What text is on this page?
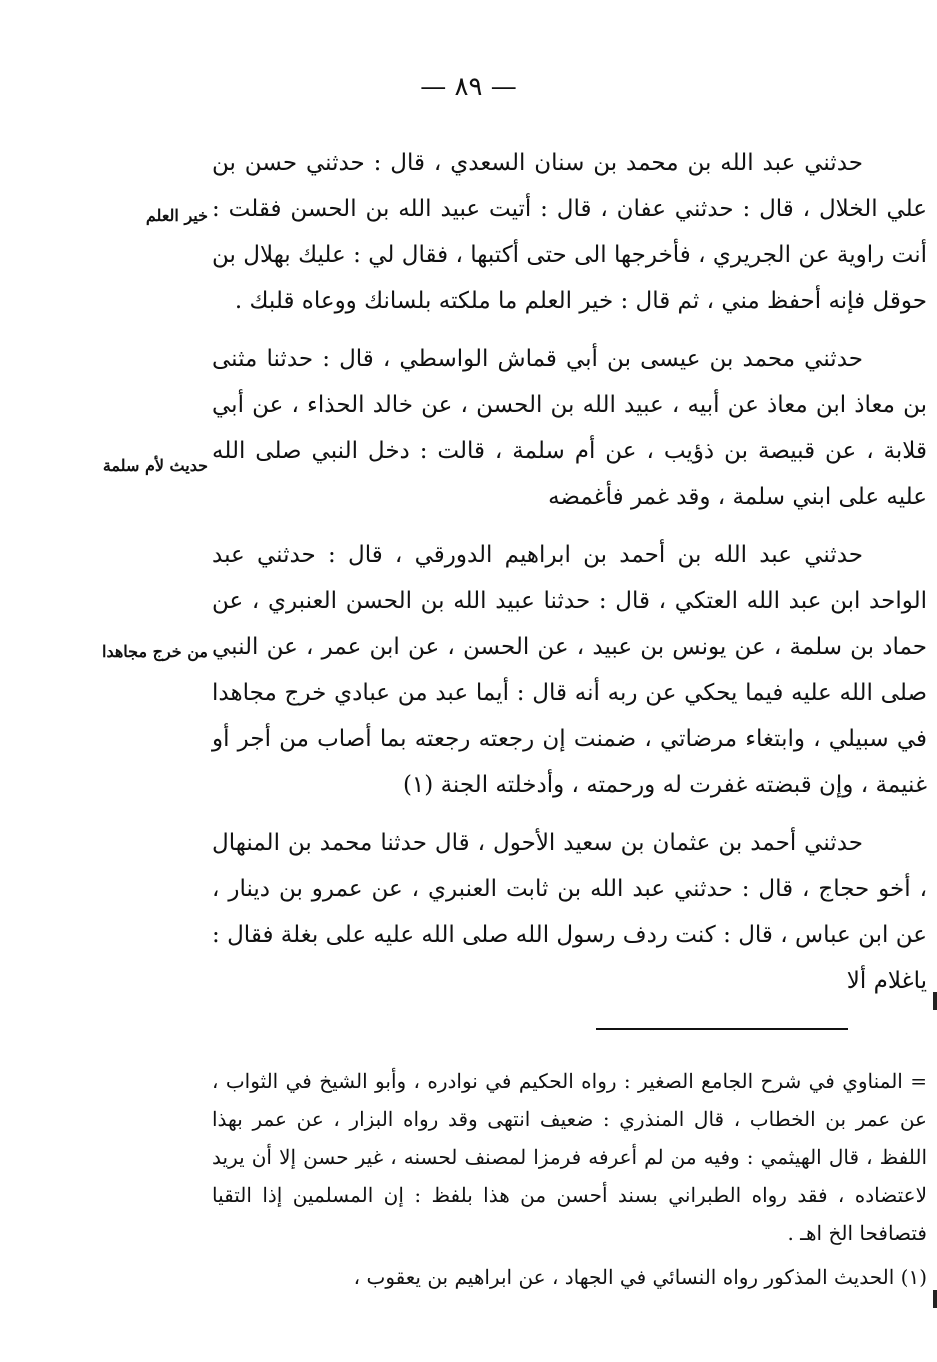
— ٨٩ —
خير العلم
حديث لأم سلمة
من خرج مجاهدا

حدثني عبد الله بن محمد بن سنان السعدي ، قال : حدثني حسن بن علي الخلال ، قال : حدثني عفان ، قال : أتيت عبيد الله بن الحسن فقلت : أنت راوية عن الجريري ، فأخرجها الى حتى أكتبها ، فقال لي : عليك بهلال بن حوقل فإنه أحفظ مني ، ثم قال : خير العلم ما ملكته بلسانك ووعاه قلبك .

حدثني محمد بن عيسى بن أبي قماش الواسطي ، قال : حدثنا مثنى بن معاذ ابن معاذ عن أبيه ، عبيد الله بن الحسن ، عن خالد الحذاء ، عن أبي قلابة ، عن قبيصة بن ذؤيب ، عن أم سلمة ، قالت : دخل النبي صلى الله عليه على ابني سلمة ، وقد غمر فأغمضه

حدثني عبد الله بن أحمد بن ابراهيم الدورقي ، قال : حدثني عبد الواحد ابن عبد الله العتكي ، قال : حدثنا عبيد الله بن الحسن العنبري ، عن حماد بن سلمة ، عن يونس بن عبيد ، عن الحسن ، عن ابن عمر ، عن النبي صلى الله عليه فيما يحكي عن ربه أنه قال : أيما عبد من عبادي خرج مجاهدا في سبيلي ، وابتغاء مرضاتي ، ضمنت إن رجعته رجعته بما أصاب من أجر أو غنيمة ، وإن قبضته غفرت له ورحمته ، وأدخلته الجنة (١)

حدثني أحمد بن عثمان بن سعيد الأحول ، قال حدثنا محمد بن المنهال ، أخو حجاج ، قال : حدثني عبد الله بن ثابت العنبري ، عن عمرو بن دينار ، عن ابن عباس ، قال : كنت ردف رسول الله صلى الله عليه على بغلة فقال : ياغلام ألا

= المناوي في شرح الجامع الصغير : رواه الحكيم في نوادره ، وأبو الشيخ في الثواب ، عن عمر بن الخطاب ، قال المنذري : ضعيف انتهى وقد رواه البزار ، عن عمر بهذا اللفظ ، قال الهيثمي : وفيه من لم أعرفه فرمزا لمصنف لحسنه ، غير حسن إلا أن يريد لاعتضاده ، فقد رواه الطبراني بسند أحسن من هذا بلفظ : إن المسلمين إذا التقيا فتصافحا الخ اهـ .

(١) الحديث المذكور رواه النسائي في الجهاد ، عن ابراهيم بن يعقوب ،
